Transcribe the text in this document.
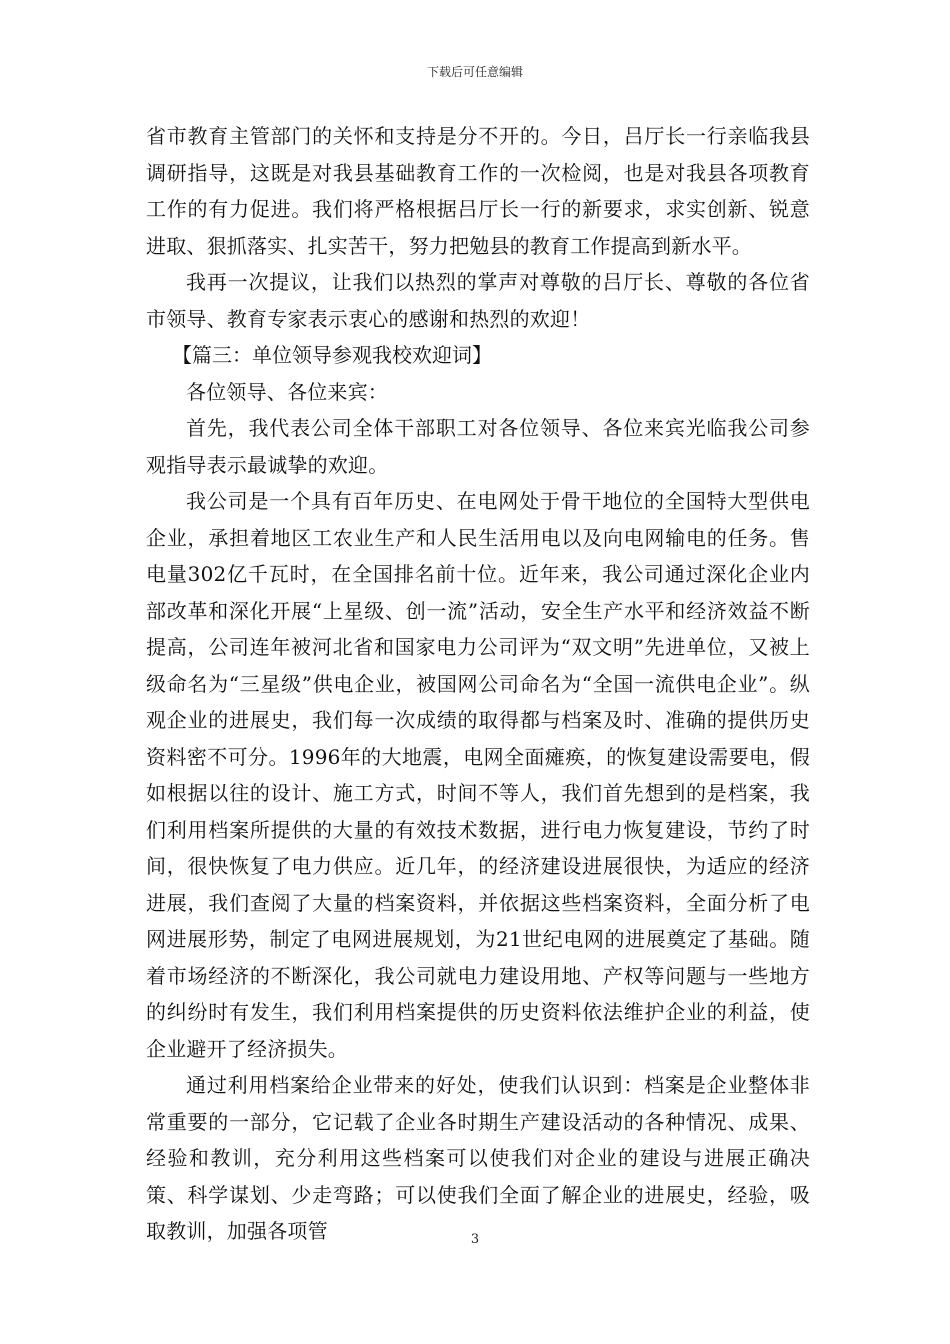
下载后可任意编辑

省市教育主管部门的关怀和支持是分不开的。今日，吕厅长一行亲临我县调研指导，这既是对我县基础教育工作的一次检阅，也是对我县各项教育工作的有力促进。我们将严格根据吕厅长一行的新要求，求实创新、锐意进取、狠抓落实、扎实苦干，努力把勉县的教育工作提高到新水平。

我再一次提议，让我们以热烈的掌声对尊敬的吕厅长、尊敬的各位省市领导、教育专家表示衷心的感谢和热烈的欢迎！

【篇三：单位领导参观我校欢迎词】

各位领导、各位来宾：

首先，我代表公司全体干部职工对各位领导、各位来宾光临我公司参观指导表示最诚挚的欢迎。

我公司是一个具有百年历史、在电网处于骨干地位的全国特大型供电企业，承担着地区工农业生产和人民生活用电以及向电网输电的任务。售电量302亿千瓦时，在全国排名前十位。近年来，我公司通过深化企业内部改革和深化开展“上星级、创一流”活动，安全生产水平和经济效益不断提高，公司连年被河北省和国家电力公司评为“双文明”先进单位，又被上级命名为“三星级”供电企业，被国网公司命名为“全国一流供电企业”。纵观企业的进展史，我们每一次成绩的取得都与档案及时、准确的提供历史资料密不可分。1996年的大地震，电网全面瘫痪，的恢复建设需要电，假如根据以往的设计、施工方式，时间不等人，我们首先想到的是档案，我们利用档案所提供的大量的有效技术数据，进行电力恢复建设，节约了时间，很快恢复了电力供应。近几年，的经济建设进展很快，为适应的经济进展，我们查阅了大量的档案资料，并依据这些档案资料，全面分析了电网进展形势，制定了电网进展规划，为21世纪电网的进展奠定了基础。随着市场经济的不断深化，我公司就电力建设用地、产权等问题与一些地方的纠纷时有发生，我们利用档案提供的历史资料依法维护企业的利益，使企业避开了经济损失。

通过利用档案给企业带来的好处，使我们认识到：档案是企业整体非常重要的一部分，它记载了企业各时期生产建设活动的各种情况、成果、经验和教训，充分利用这些档案可以使我们对企业的建设与进展正确决策、科学谋划、少走弯路；可以使我们全面了解企业的进展史，经验，吸取教训，加强各项管	3
